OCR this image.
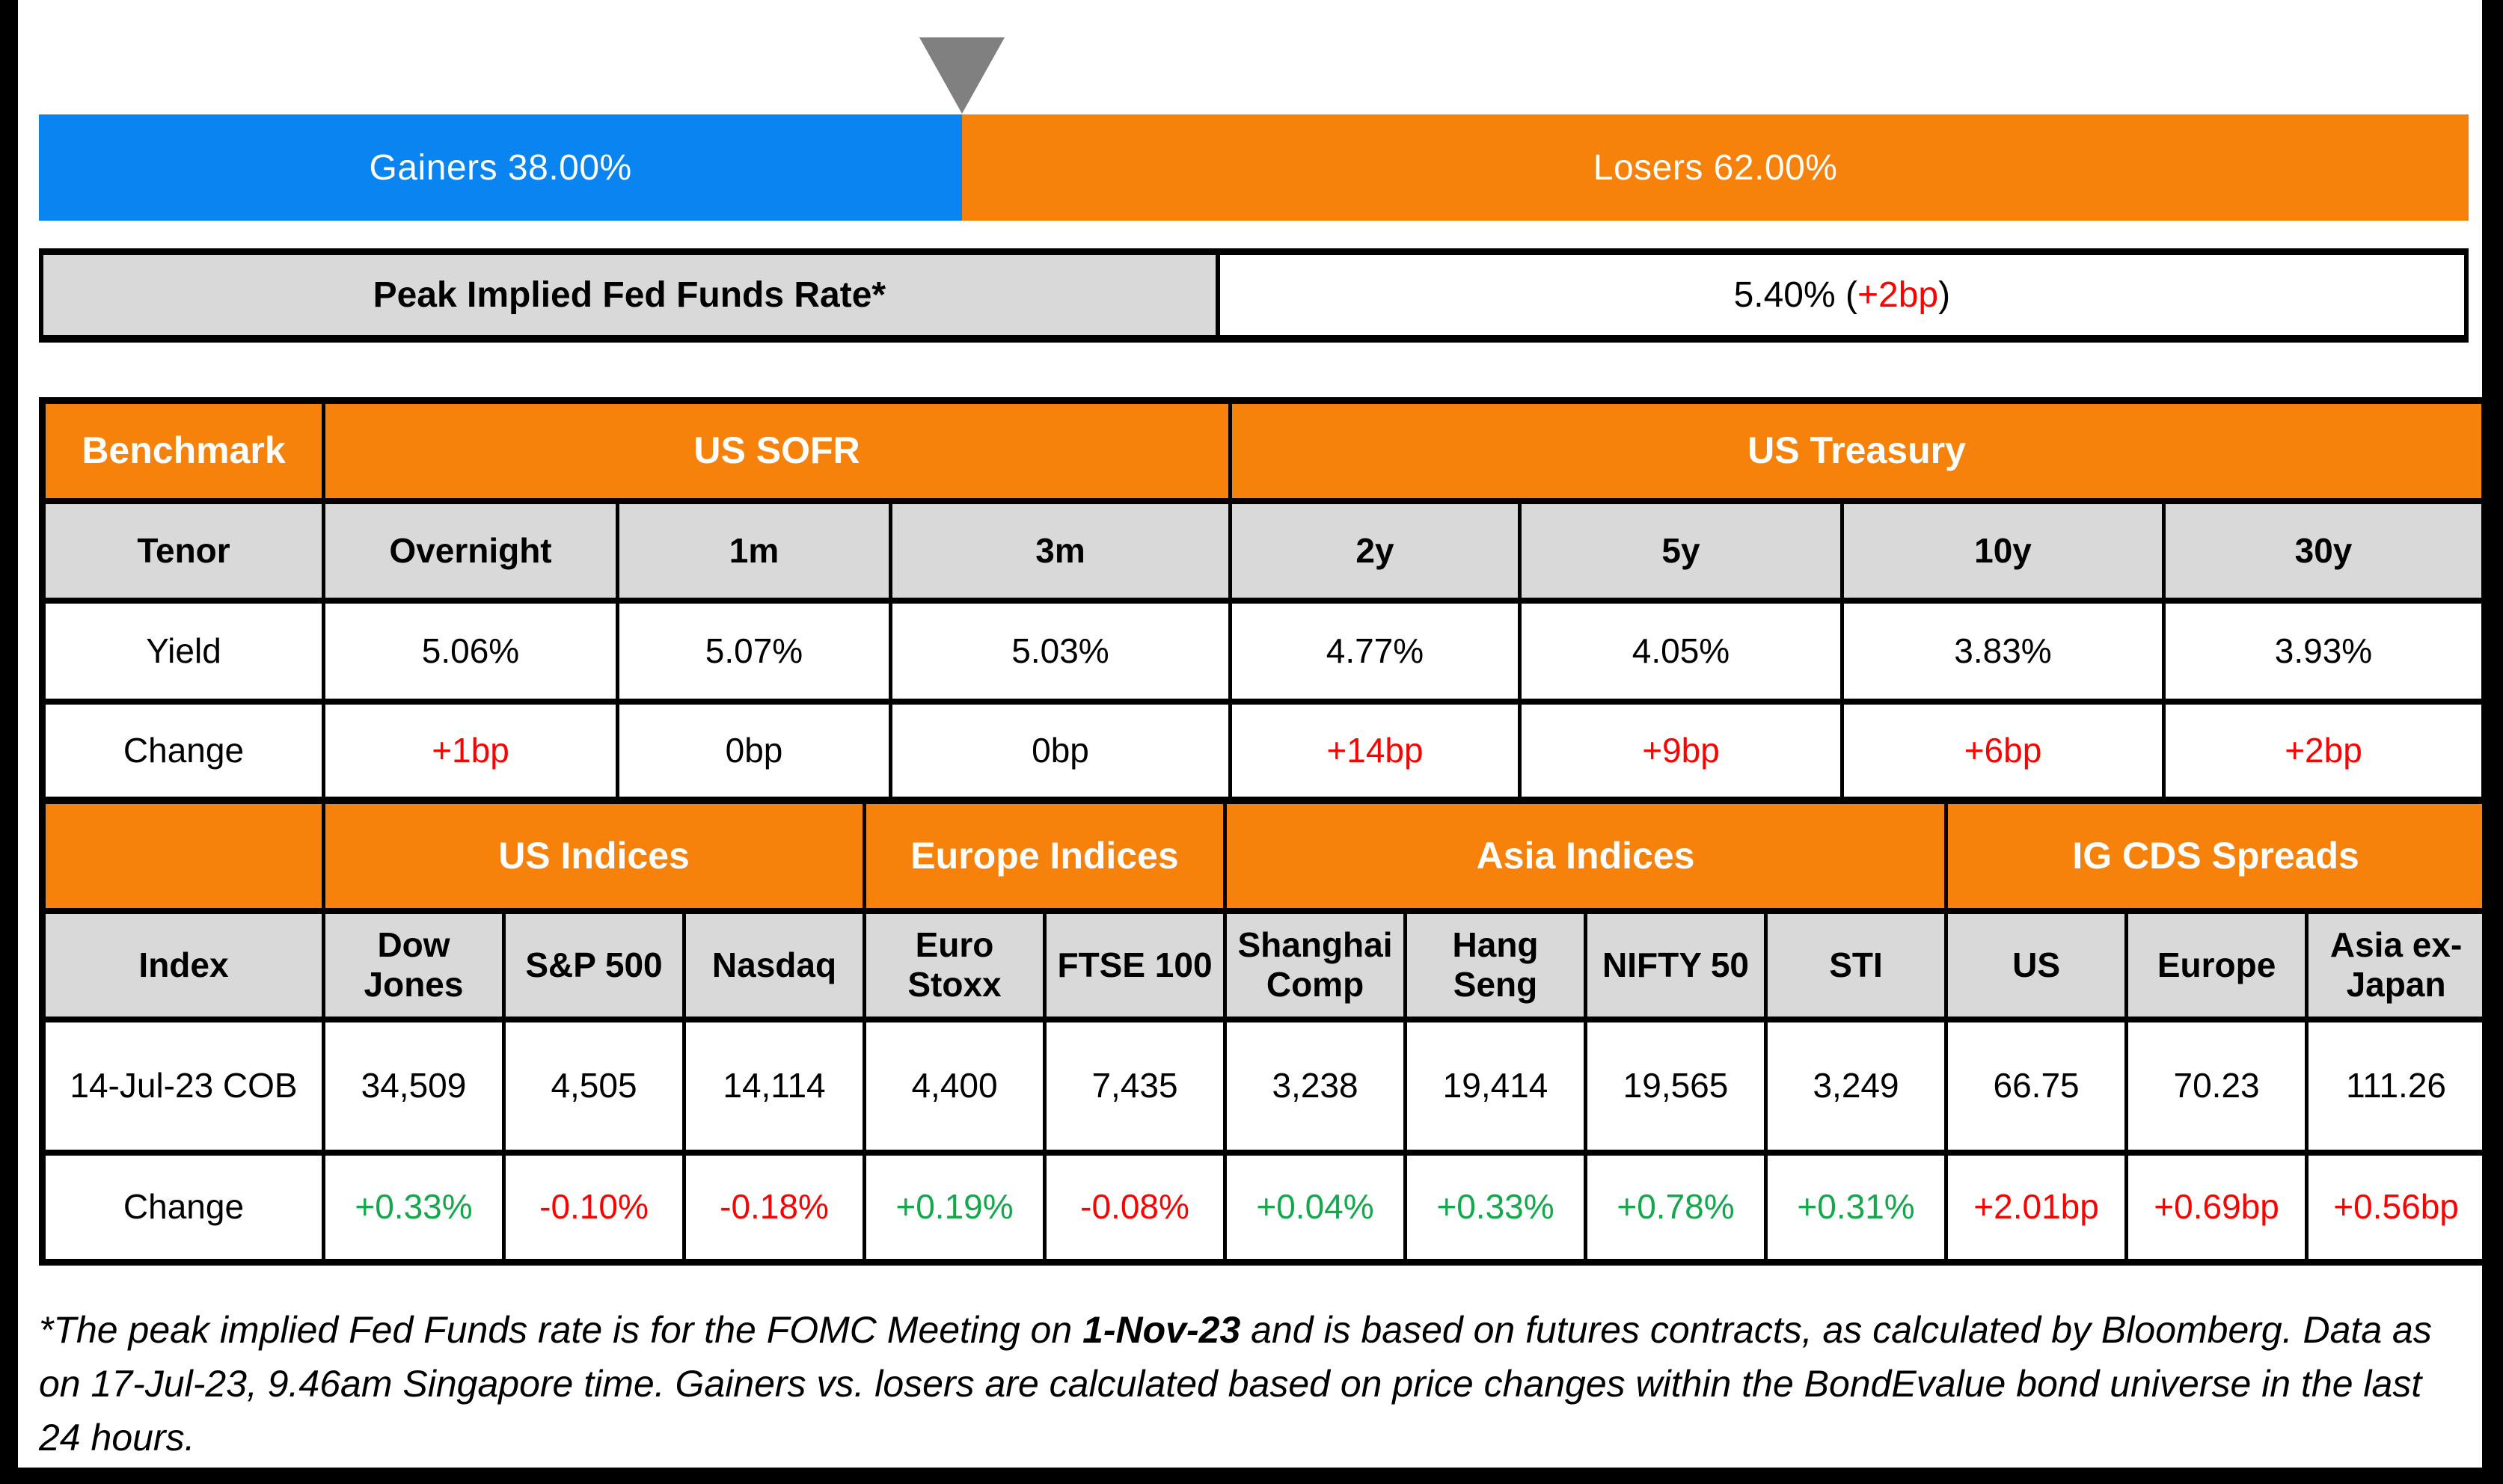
Gainers 38.00%	Losers 62.00%
Peak Implied Fed Funds Rate*	5.40% ( +2bp )
Benchmark	US SOFR			US Treasury			
Tenor	Overnight	1m	3m	2y	5y	10y	30y
Yield	5.06%	5.07%	5.03%	4.77%	4.05%	3.83%	3.93%
Change	+1bp	0bp	0bp	+14bp	+9bp	+6bp	+2bp
	US Indices			Europe Indices		Asia Indices				IG CDS Spreads		
Index	Dow Jones	S&P 500	Nasdaq	Euro Stoxx	FTSE 100	Shanghai Comp	Hang Seng	NIFTY 50	STI	US	Europe	Asia ex-Japan
14-Jul-23 COB	34,509	4,505	14,114	4,400	7,435	3,238	19,414	19,565	3,249	66.75	70.23	111.26
Change	+0.33%	-0.10%	-0.18%	+0.19%	-0.08%	+0.04%	+0.33%	+0.78%	+0.31%	+2.01bp	+0.69bp	+0.56bp

*The peak implied Fed Funds rate is for the FOMC Meeting on 1-Nov-23 and is based on futures contracts, as calculated by Bloomberg. Data as on 17-Jul-23, 9.46am Singapore time. Gainers vs. losers are calculated based on price changes within the BondEvalue bond universe in the last 24 hours.
